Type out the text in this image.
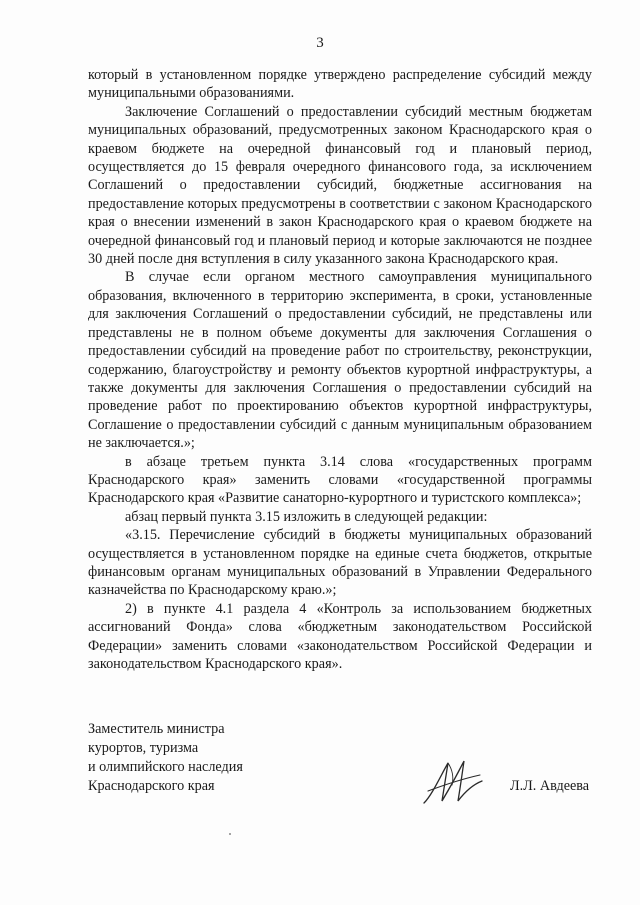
3

который в установленном порядке утверждено распределение субсидий между муниципальными образованиями.

Заключение Соглашений о предоставлении субсидий местным бюджетам муниципальных образований, предусмотренных законом Краснодарского края о краевом бюджете на очередной финансовый год и плановый период, осуществляется до 15 февраля очередного финансового года, за исключением Соглашений о предоставлении субсидий, бюджетные ассигнования на предоставление которых предусмотрены в соответствии с законом Краснодарского края о внесении изменений в закон Краснодарского края о краевом бюджете на очередной финансовый год и плановый период и которые заключаются не позднее 30 дней после дня вступления в силу указанного закона Краснодарского края.

В случае если органом местного самоуправления муниципального образования, включенного в территорию эксперимента, в сроки, установленные для заключения Соглашений о предоставлении субсидий, не представлены или представлены не в полном объеме документы для заключения Соглашения о предоставлении субсидий на проведение работ по строительству, реконструкции, содержанию, благоустройству и ремонту объектов курортной инфраструктуры, а также документы для заключения Соглашения о предоставлении субсидий на проведение работ по проектированию объектов курортной инфраструктуры, Соглашение о предоставлении субсидий с данным муниципальным образованием не заключается.»;

в абзаце третьем пункта 3.14 слова «государственных программ Краснодарского края» заменить словами «государственной программы Краснодарского края «Развитие санаторно-курортного и туристского комплекса»;

абзац первый пункта 3.15 изложить в следующей редакции:

«3.15. Перечисление субсидий в бюджеты муниципальных образований осуществляется в установленном порядке на единые счета бюджетов, открытые финансовым органам муниципальных образований в Управлении Федерального казначейства по Краснодарскому краю.»;

2) в пункте 4.1 раздела 4 «Контроль за использованием бюджетных ассигнований Фонда» слова «бюджетным законодательством Российской Федерации» заменить словами «законодательством Российской Федерации и законодательством Краснодарского края».

Заместитель министра
курортов, туризма
и олимпийского наследия
Краснодарского края	Л.Л. Авдеева
